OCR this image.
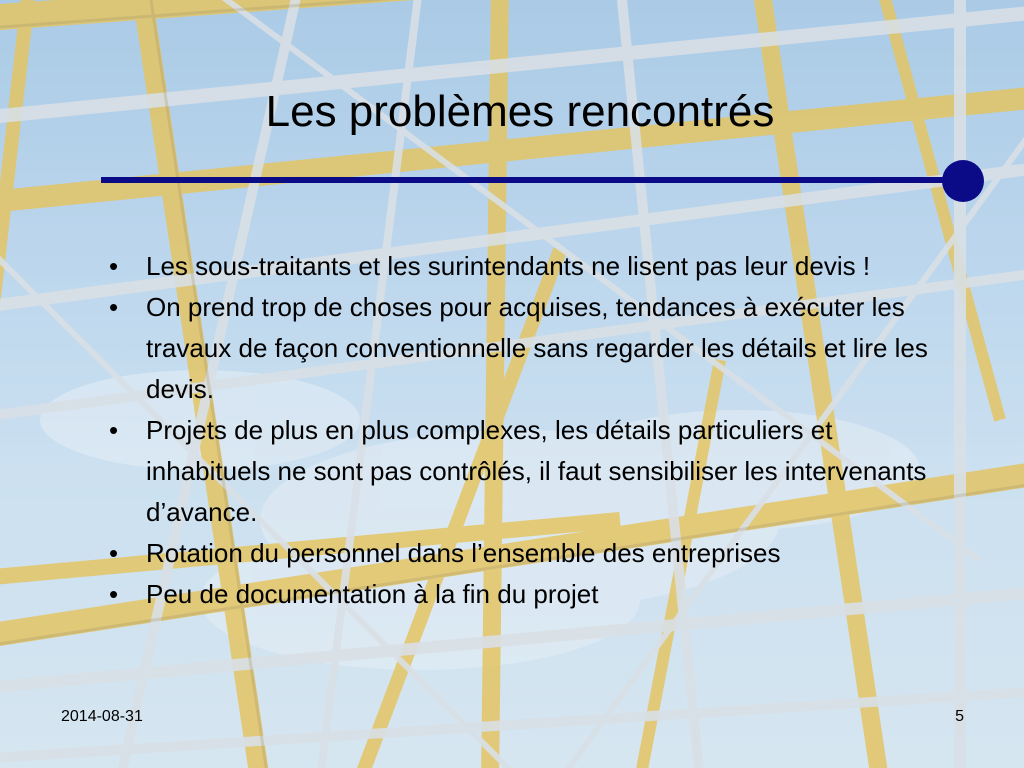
Les problèmes rencontrés
• Les sous-traitants et les surintendants ne lisent pas leur devis !
• On prend trop de choses pour acquises, tendances à exécuter les travaux de façon conventionnelle sans regarder les détails et lire les devis.
• Projets de plus en plus complexes, les détails particuliers et inhabituels ne sont pas contrôlés, il faut sensibiliser les intervenants d’avance.
• Rotation du personnel dans l’ensemble des entreprises
• Peu de documentation à la fin du projet
2014-08-31	5
